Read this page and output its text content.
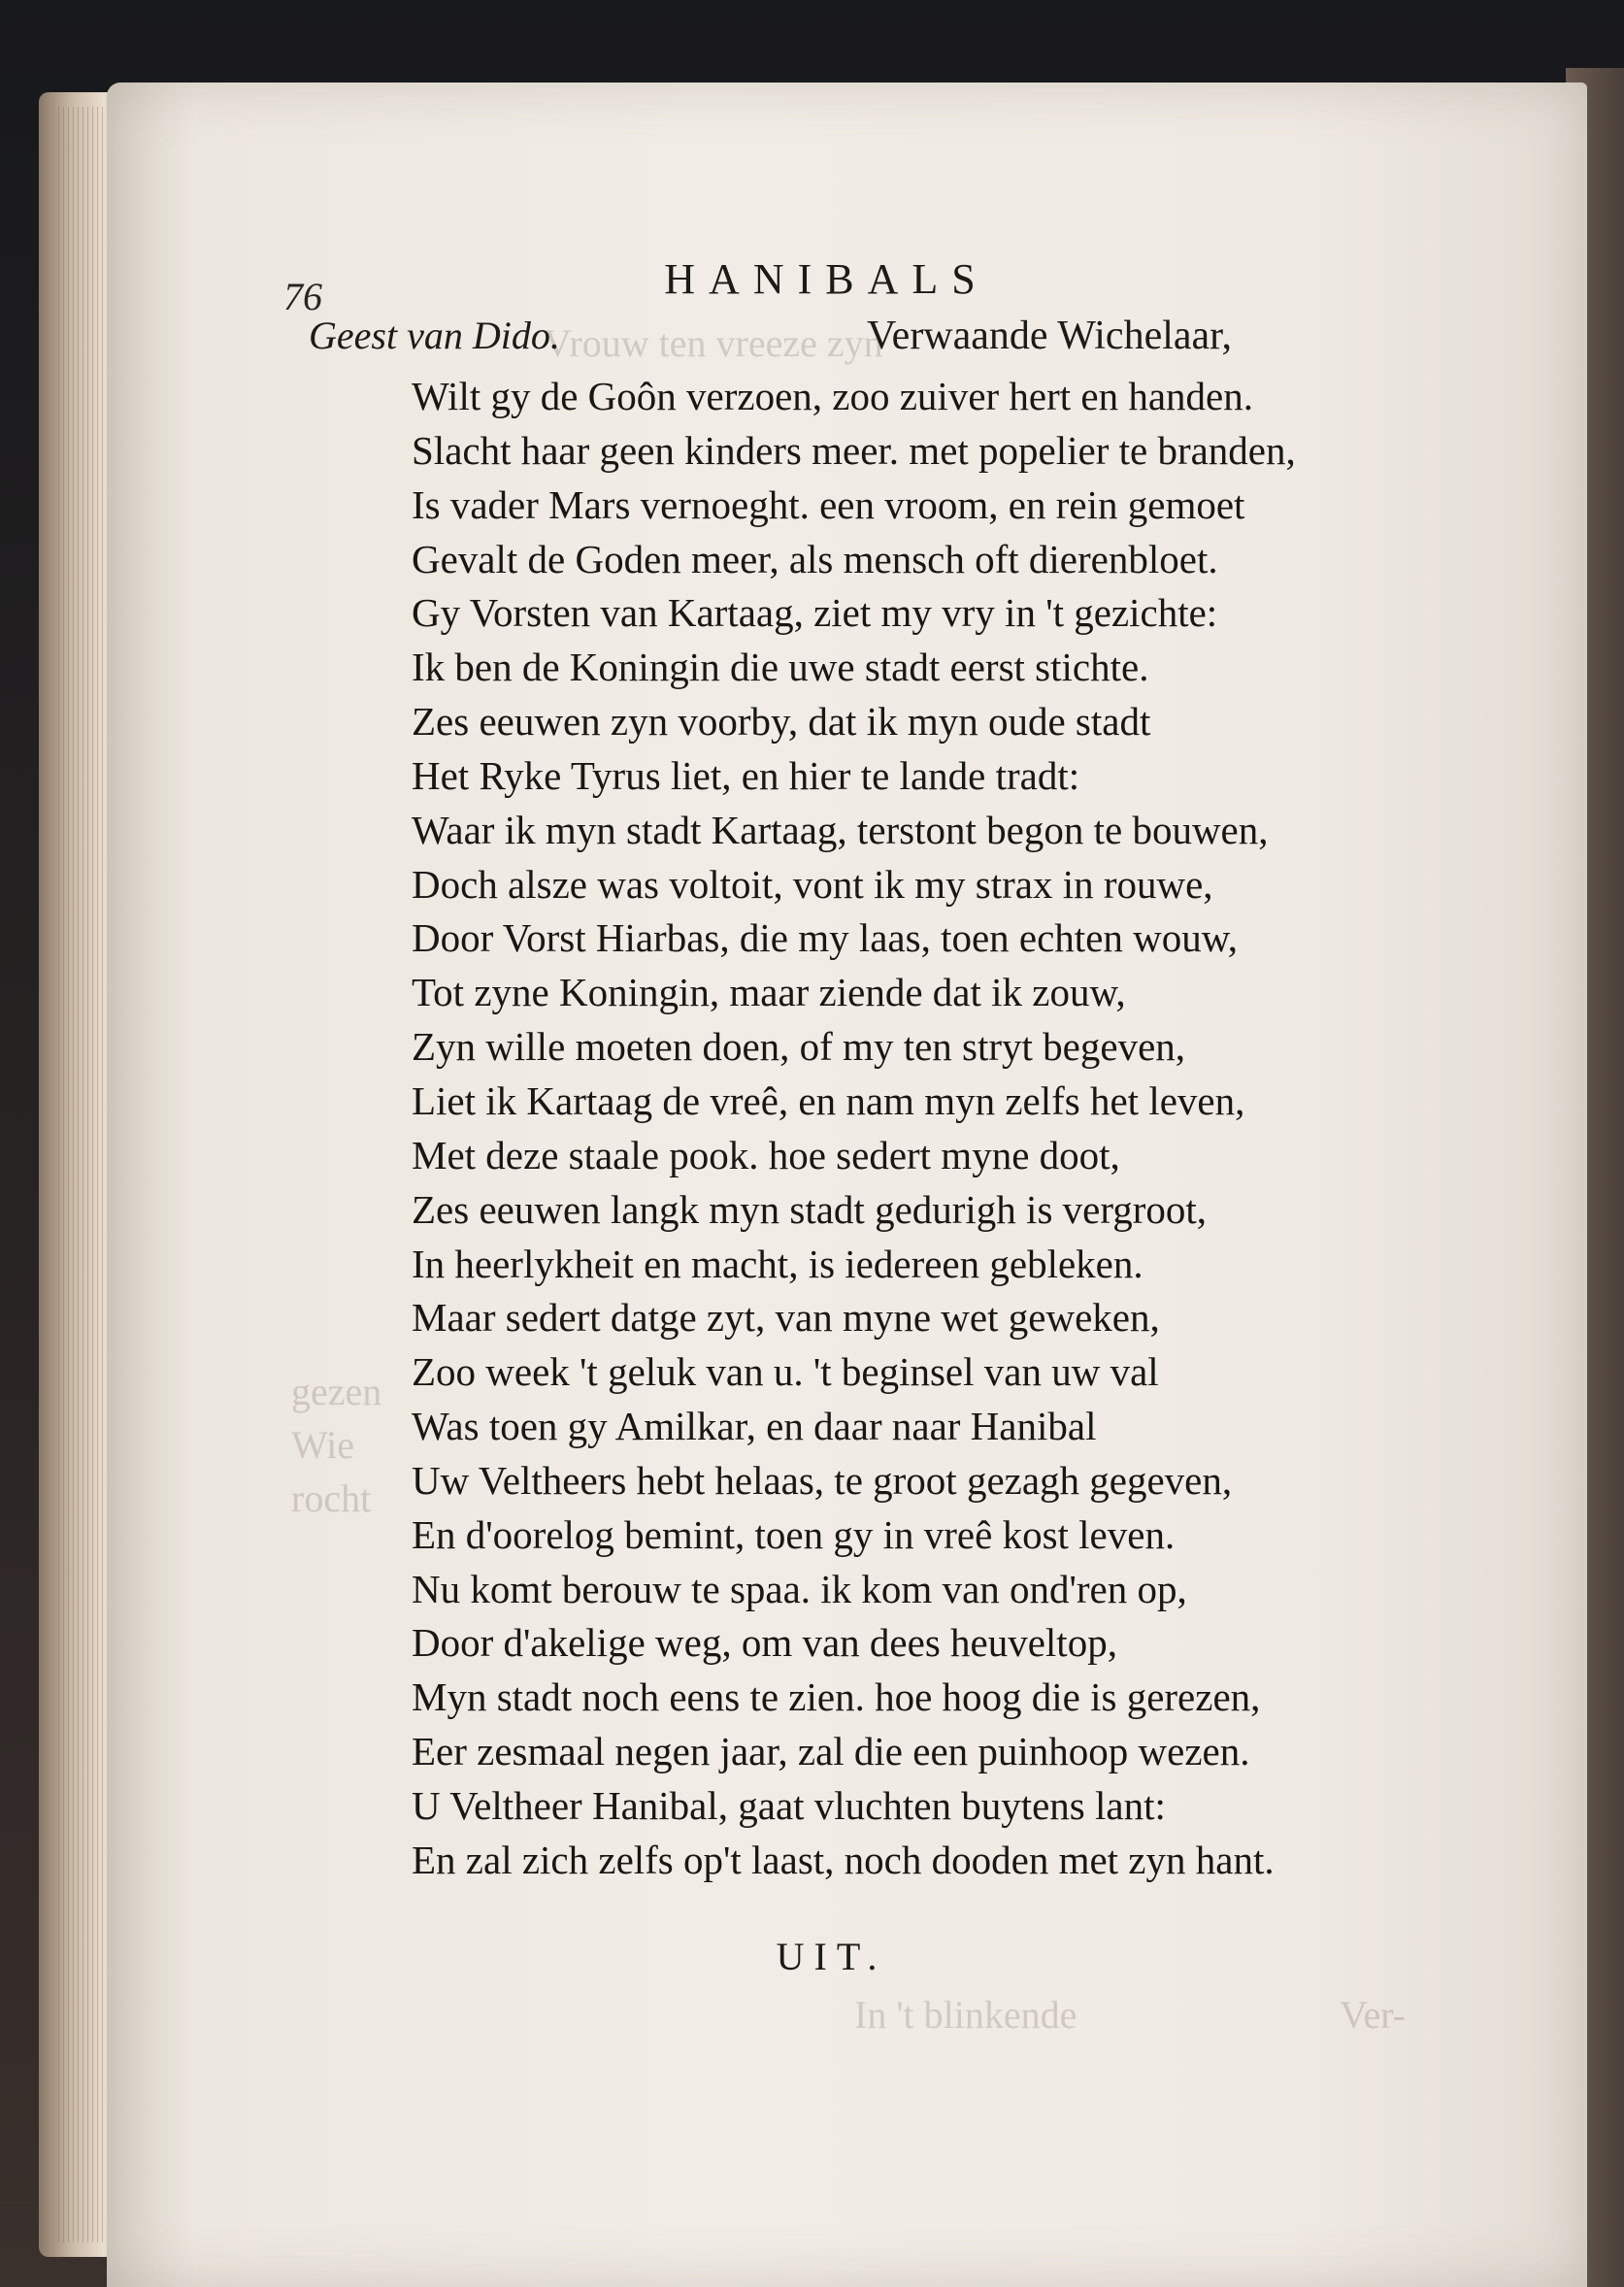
Vrouw ten vreeze zyn
gezen
Wie
rocht
In 't blinkende	Ver-
76	HANIBALS
Geest van Dido.	Verwaande Wichelaar,
Wilt gy de Goôn verzoen, zoo zuiver hert en handen.
Slacht haar geen kinders meer. met popelier te branden,
Is vader Mars vernoeght. een vroom, en rein gemoet
Gevalt de Goden meer, als mensch oft dierenbloet.
Gy Vorsten van Kartaag, ziet my vry in 't gezichte:
Ik ben de Koningin die uwe stadt eerst stichte.
Zes eeuwen zyn voorby, dat ik myn oude stadt
Het Ryke Tyrus liet, en hier te lande tradt:
Waar ik myn stadt Kartaag, terstont begon te bouwen,
Doch alsze was voltoit, vont ik my strax in rouwe,
Door Vorst Hiarbas, die my laas, toen echten wouw,
Tot zyne Koningin, maar ziende dat ik zouw,
Zyn wille moeten doen, of my ten stryt begeven,
Liet ik Kartaag de vreê, en nam myn zelfs het leven,
Met deze staale pook. hoe sedert myne doot,
Zes eeuwen langk myn stadt gedurigh is vergroot,
In heerlykheit en macht, is iedereen gebleken.
Maar sedert datge zyt, van myne wet geweken,
Zoo week 't geluk van u. 't beginsel van uw val
Was toen gy Amilkar, en daar naar Hanibal
Uw Veltheers hebt helaas, te groot gezagh gegeven,
En d'oorelog bemint, toen gy in vreê kost leven.
Nu komt berouw te spaa. ik kom van ond'ren op,
Door d'akelige weg, om van dees heuveltop,
Myn stadt noch eens te zien. hoe hoog die is gerezen,
Eer zesmaal negen jaar, zal die een puinhoop wezen.
U Veltheer Hanibal, gaat vluchten buytens lant:
En zal zich zelfs op't laast, noch dooden met zyn hant.
UIT.
